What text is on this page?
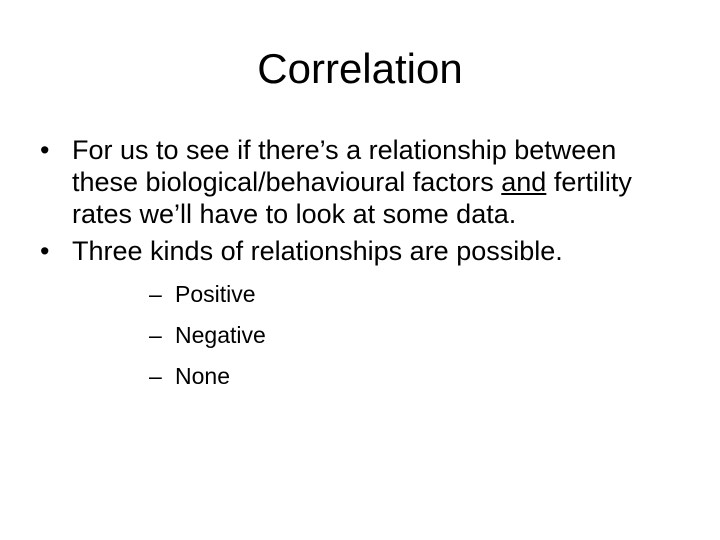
Correlation
• For us to see if there’s a relationship between these biological/behavioural factors and fertility rates we’ll have to look at some data.
• Three kinds of relationships are possible.
– Positive
– Negative
– None
